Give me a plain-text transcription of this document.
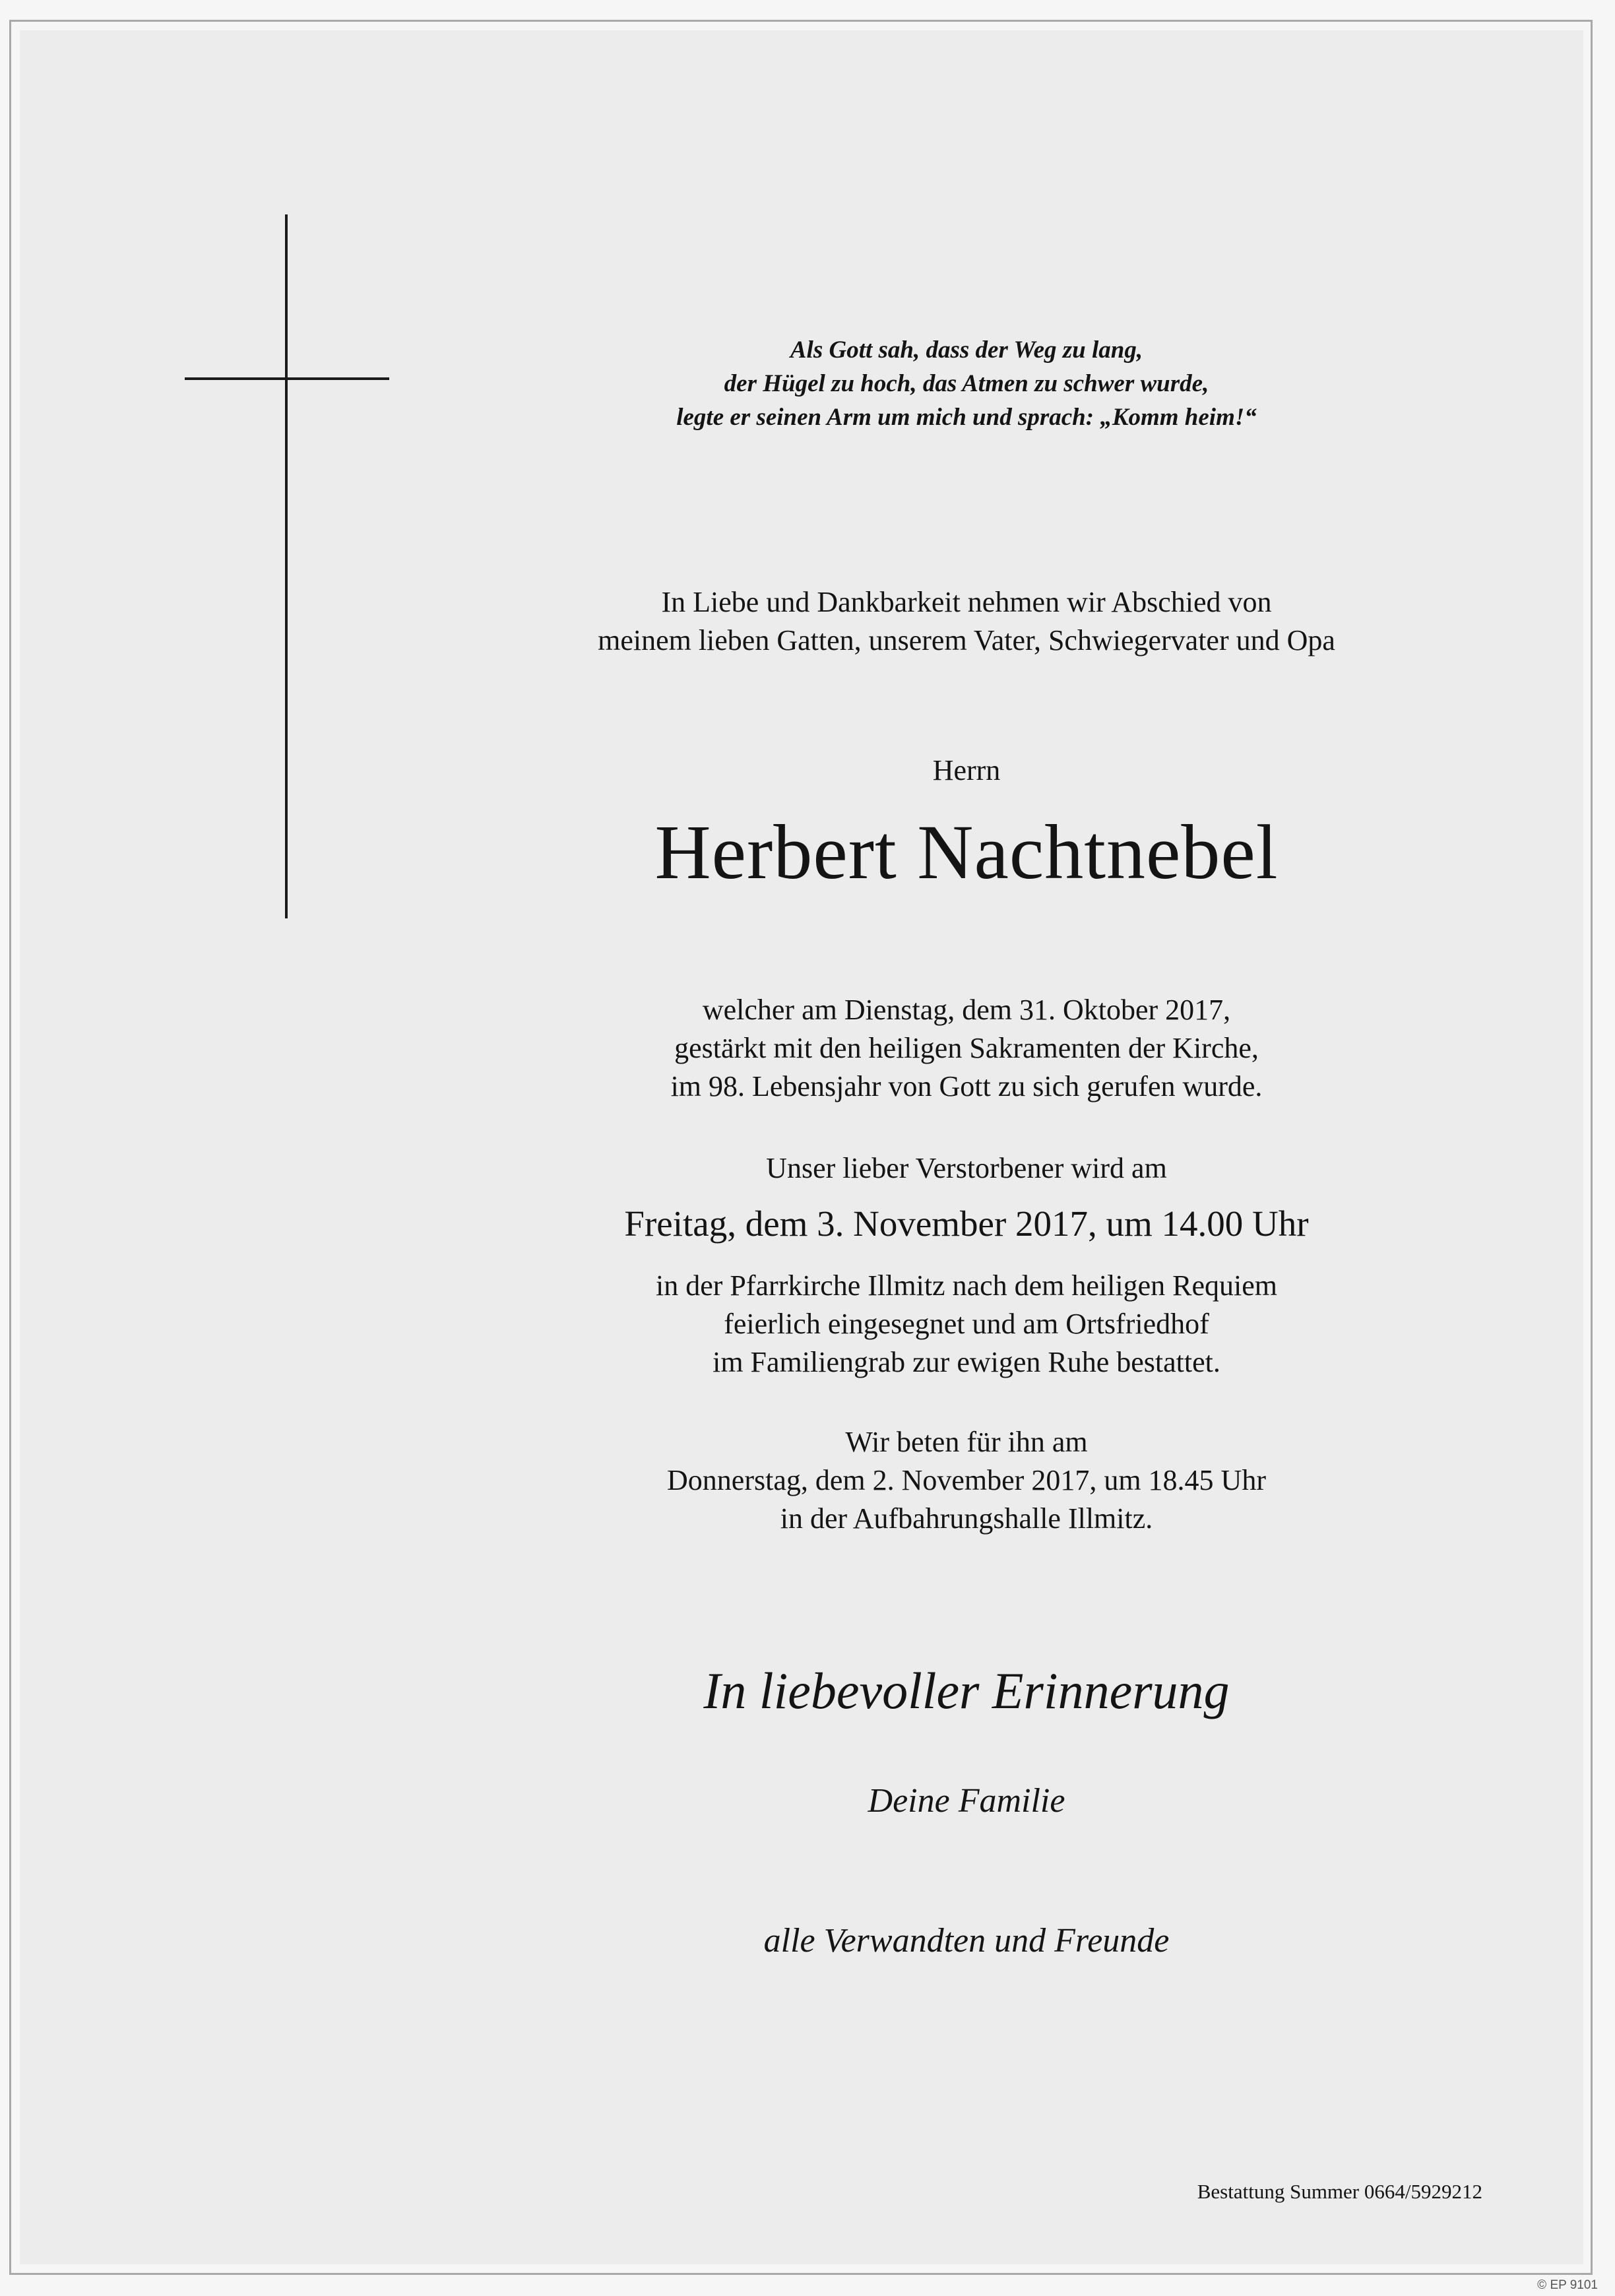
Als Gott sah, dass der Weg zu lang,
der Hügel zu hoch, das Atmen zu schwer wurde,
legte er seinen Arm um mich und sprach: „Komm heim!“
In Liebe und Dankbarkeit nehmen wir Abschied von
meinem lieben Gatten, unserem Vater, Schwiegervater und Opa
Herrn
Herbert Nachtnebel
welcher am Dienstag, dem 31. Oktober 2017,
gestärkt mit den heiligen Sakramenten der Kirche,
im 98. Lebensjahr von Gott zu sich gerufen wurde.
Unser lieber Verstorbener wird am
Freitag, dem 3. November 2017, um 14.00 Uhr
in der Pfarrkirche Illmitz nach dem heiligen Requiem
feierlich eingesegnet und am Ortsfriedhof
im Familiengrab zur ewigen Ruhe bestattet.
Wir beten für ihn am
Donnerstag, dem 2. November 2017, um 18.45 Uhr
in der Aufbahrungshalle Illmitz.
In liebevoller Erinnerung
Deine Familie
alle Verwandten und Freunde
Bestattung Summer 0664/5929212
© EP 9101
